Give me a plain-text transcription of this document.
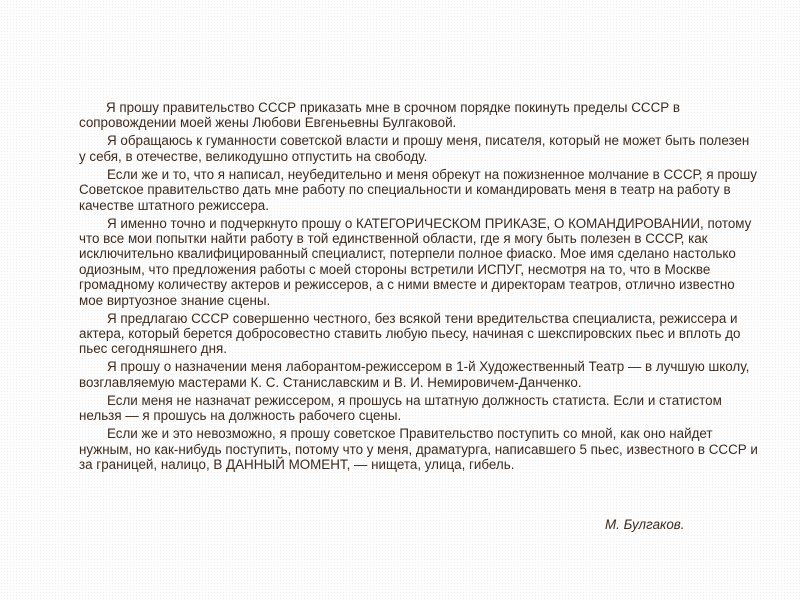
Я прошу правительство СССР приказать мне в срочном порядке покинуть пределы СССР в сопровождении моей жены Любови Евгеньевны Булгаковой.

Я обращаюсь к гуманности советской власти и прошу меня, писателя, который не может быть полезен у себя, в отечестве, великодушно отпустить на свободу.

Если же и то, что я написал, неубедительно и меня обрекут на пожизненное молчание в СССР, я прошу Советское правительство дать мне работу по специальности и командировать меня в театр на работу в качестве штатного режиссера.

Я именно точно и подчеркнуто прошу о КАТЕГОРИЧЕСКОМ ПРИКАЗЕ, О КОМАНДИРОВАНИИ, потому что все мои попытки найти работу в той единственной области, где я могу быть полезен в СССР, как исключительно квалифицированный специалист, потерпели полное фиаско. Мое имя сделано настолько одиозным, что предложения работы с моей стороны встретили ИСПУГ, несмотря на то, что в Москве громадному количеству актеров и режиссеров, а с ними вместе и директорам театров, отлично известно мое виртуозное знание сцены.

Я предлагаю СССР совершенно честного, без всякой тени вредительства специалиста, режиссера и актера, который берется добросовестно ставить любую пьесу, начиная с шекспировских пьес и вплоть до пьес сегодняшнего дня.

Я прошу о назначении меня лаборантом-режиссером в 1-й Художественный Театр — в лучшую школу, возглавляемую мастерами К. С. Станиславским и В. И. Немировичем-Данченко.

Если меня не назначат режиссером, я прошусь на штатную должность статиста. Если и статистом нельзя — я прошусь на должность рабочего сцены.

Если же и это невозможно, я прошу советское Правительство поступить со мной, как оно найдет нужным, но как-нибудь поступить, потому что у меня, драматурга, написавшего 5 пьес, известного в СССР и за границей, налицо, В ДАННЫЙ МОМЕНТ, — нищета, улица, гибель.

М. Булгаков.
